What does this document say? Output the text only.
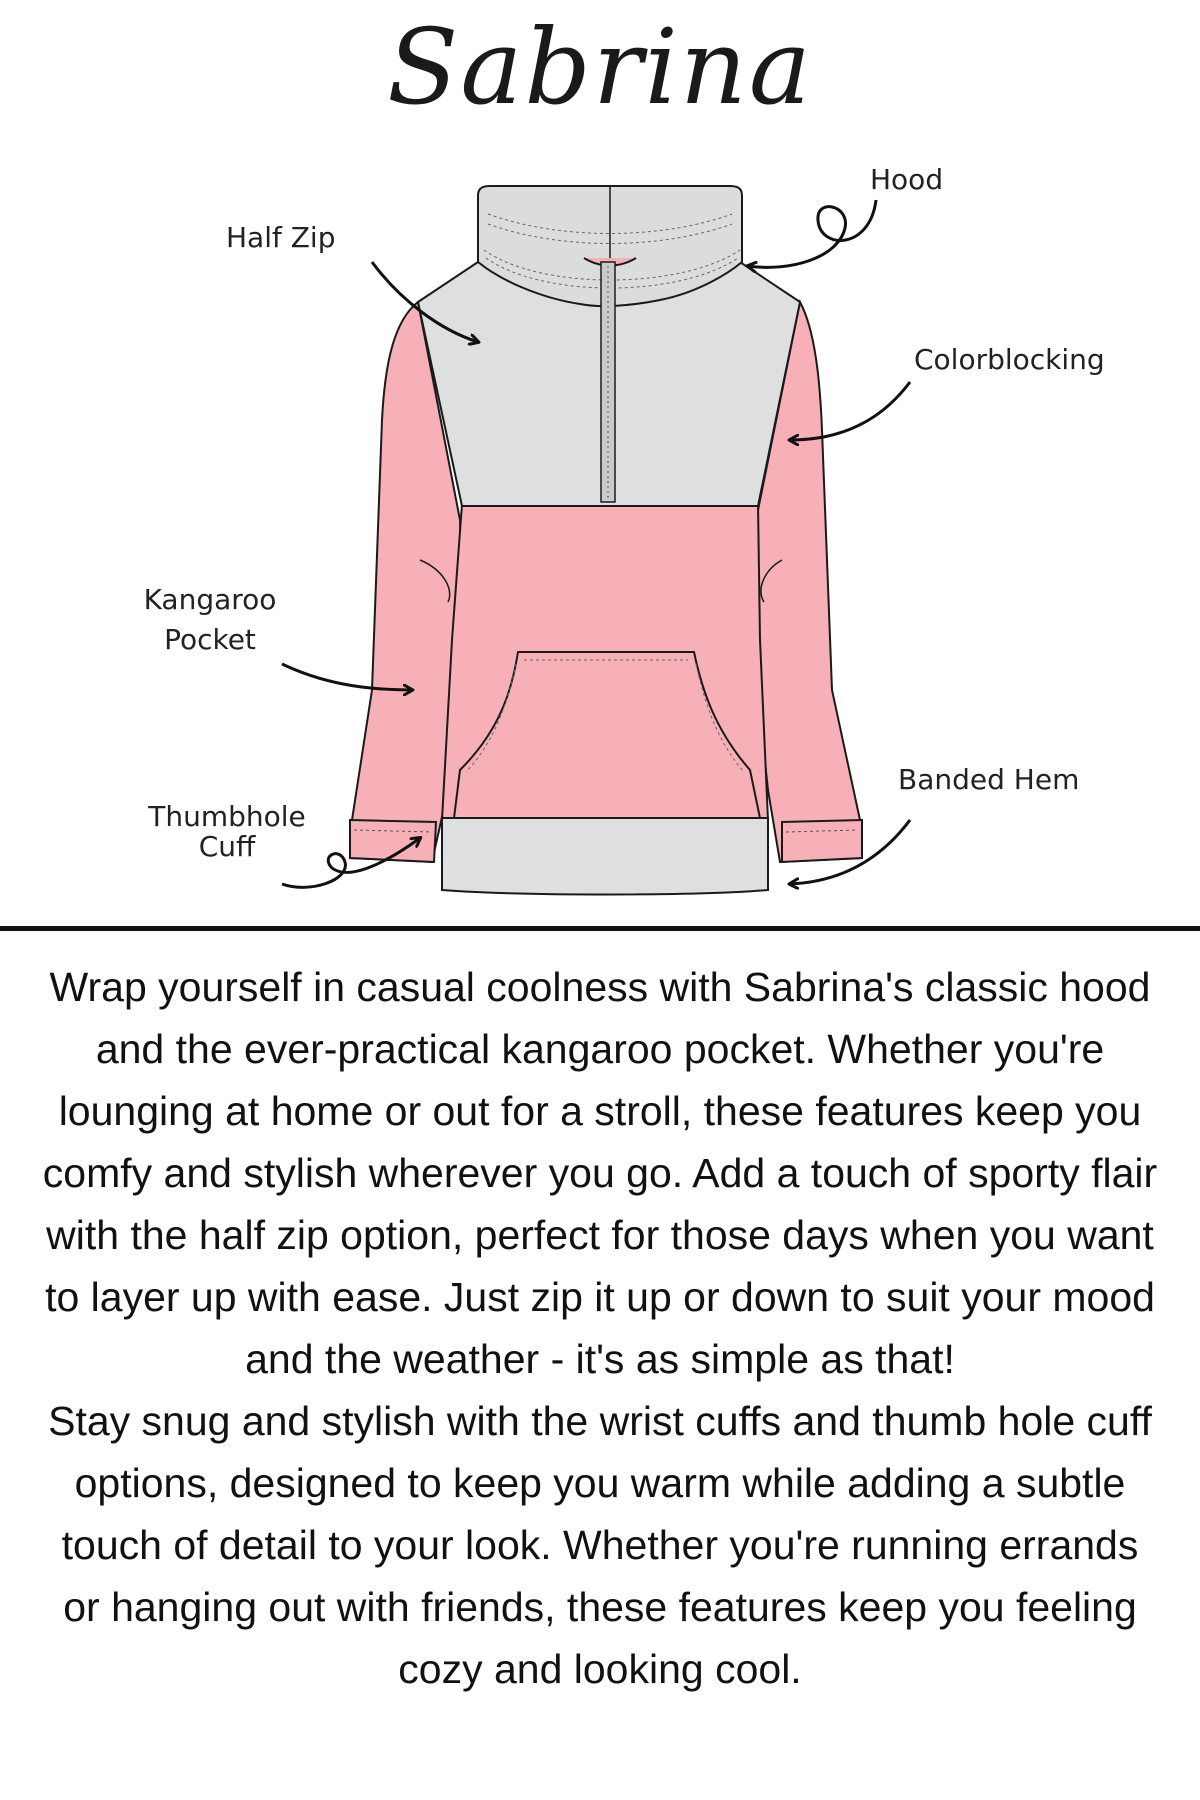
Sabrina
Hood
Half Zip
Colorblocking
Kangaroo
Pocket
Banded Hem
Thumbhole
Cuff

Wrap yourself in casual coolness with Sabrina's classic hood and the ever-practical kangaroo pocket. Whether you're lounging at home or out for a stroll, these features keep you comfy and stylish wherever you go. Add a touch of sporty flair with the half zip option, perfect for those days when you want to layer up with ease. Just zip it up or down to suit your mood and the weather - it's as simple as that!

Stay snug and stylish with the wrist cuffs and thumb hole cuff options, designed to keep you warm while adding a subtle touch of detail to your look. Whether you're running errands or hanging out with friends, these features keep you feeling cozy and looking cool.
